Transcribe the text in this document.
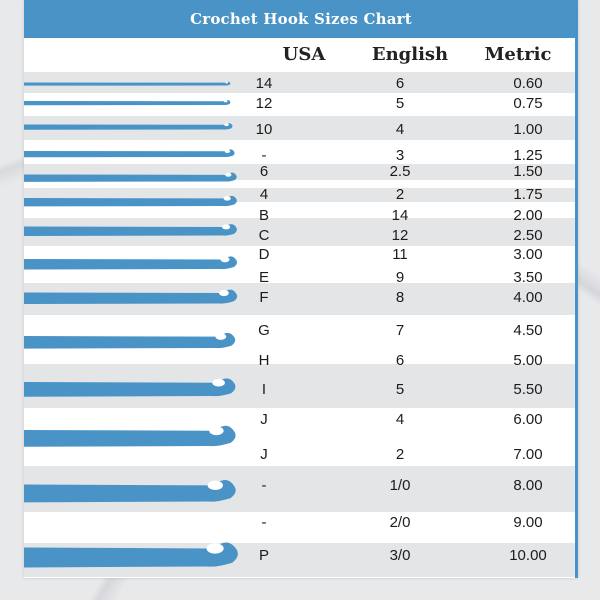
Crochet Hook Sizes Chart
USA	English	Metric
14	6	0.60
12	5	0.75
10	4	1.00
-	3	1.25
6	2.5	1.50
4	2	1.75
B	14	2.00
C	12	2.50
D	11	3.00
E	9	3.50
F	8	4.00
G	7	4.50
H	6	5.00
I	5	5.50
J	4	6.00
J	2	7.00
-	1/0	8.00
-	2/0	9.00
P	3/0	10.00
